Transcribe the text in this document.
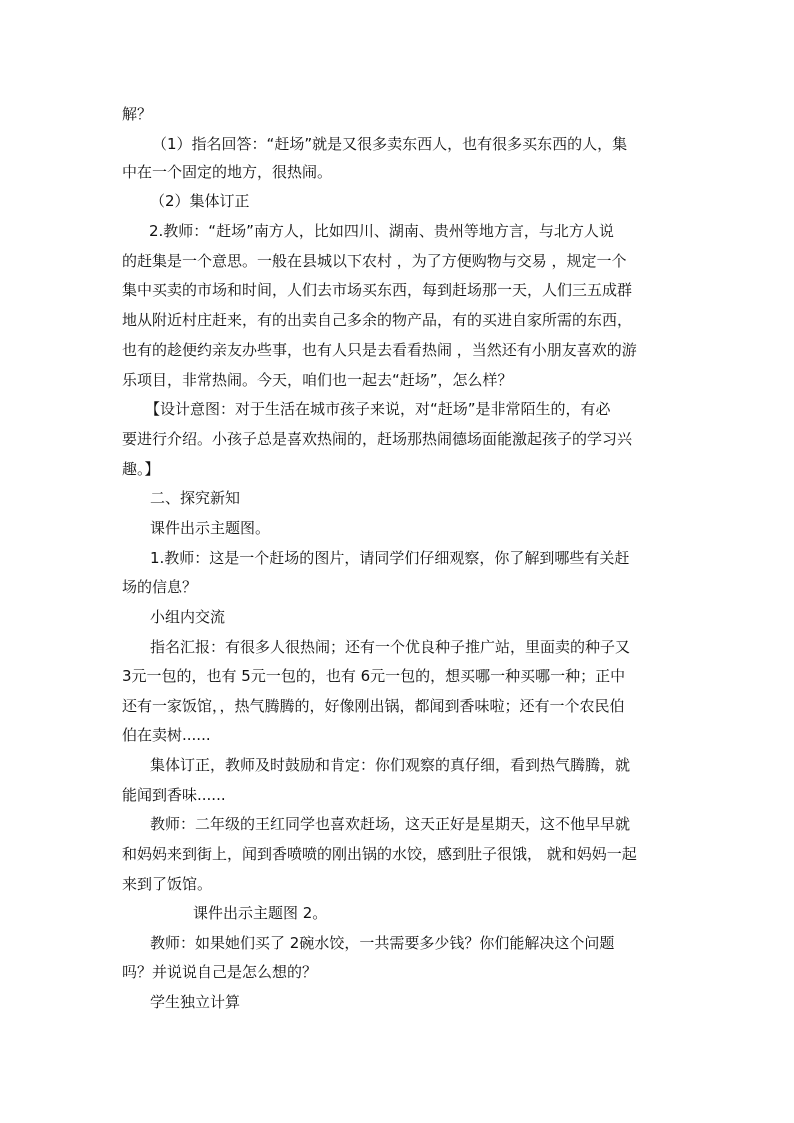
解？

（1）指名回答：“赶场”就是又很多卖东西人，也有很多买东西的人，集

中在一个固定的地方，很热闹。

（2）集体订正

2.教师：“赶场”南方人，比如四川、湖南、贵州等地方言，与北方人说

的赶集是一个意思。一般在县城以下农村 ，为了方便购物与交易 ，规定一个

集中买卖的市场和时间，人们去市场买东西，每到赶场那一天，人们三五成群

地从附近村庄赶来，有的出卖自己多余的物产品，有的买进自家所需的东西，

也有的趁便约亲友办些事，也有人只是去看看热闹 ，当然还有小朋友喜欢的游

乐项目，非常热闹。今天，咱们也一起去“赶场”，怎么样？

【设计意图：对于生活在城市孩子来说，对“赶场”是非常陌生的，有必

要进行介绍。小孩子总是喜欢热闹的，赶场那热闹德场面能激起孩子的学习兴

趣。】

二、探究新知

课件出示主题图。

1.教师：这是一个赶场的图片，请同学们仔细观察，你了解到哪些有关赶

场的信息？

小组内交流

指名汇报：有很多人很热闹；还有一个优良种子推广站，里面卖的种子又

3元一包的，也有 5元一包的，也有 6元一包的，想买哪一种买哪一种；正中

还有一家饭馆，，热气腾腾的，好像刚出锅，都闻到香味啦；还有一个农民伯

伯在卖树......

集体订正，教师及时鼓励和肯定：你们观察的真仔细，看到热气腾腾，就

能闻到香味......

教师：二年级的王红同学也喜欢赶场，这天正好是星期天，这不他早早就

和妈妈来到街上，闻到香喷喷的刚出锅的水饺，感到肚子很饿， 就和妈妈一起

来到了饭馆。

课件出示主题图 2。

教师：如果她们买了 2碗水饺，一共需要多少钱？你们能解决这个问题

吗？并说说自己是怎么想的？

学生独立计算
